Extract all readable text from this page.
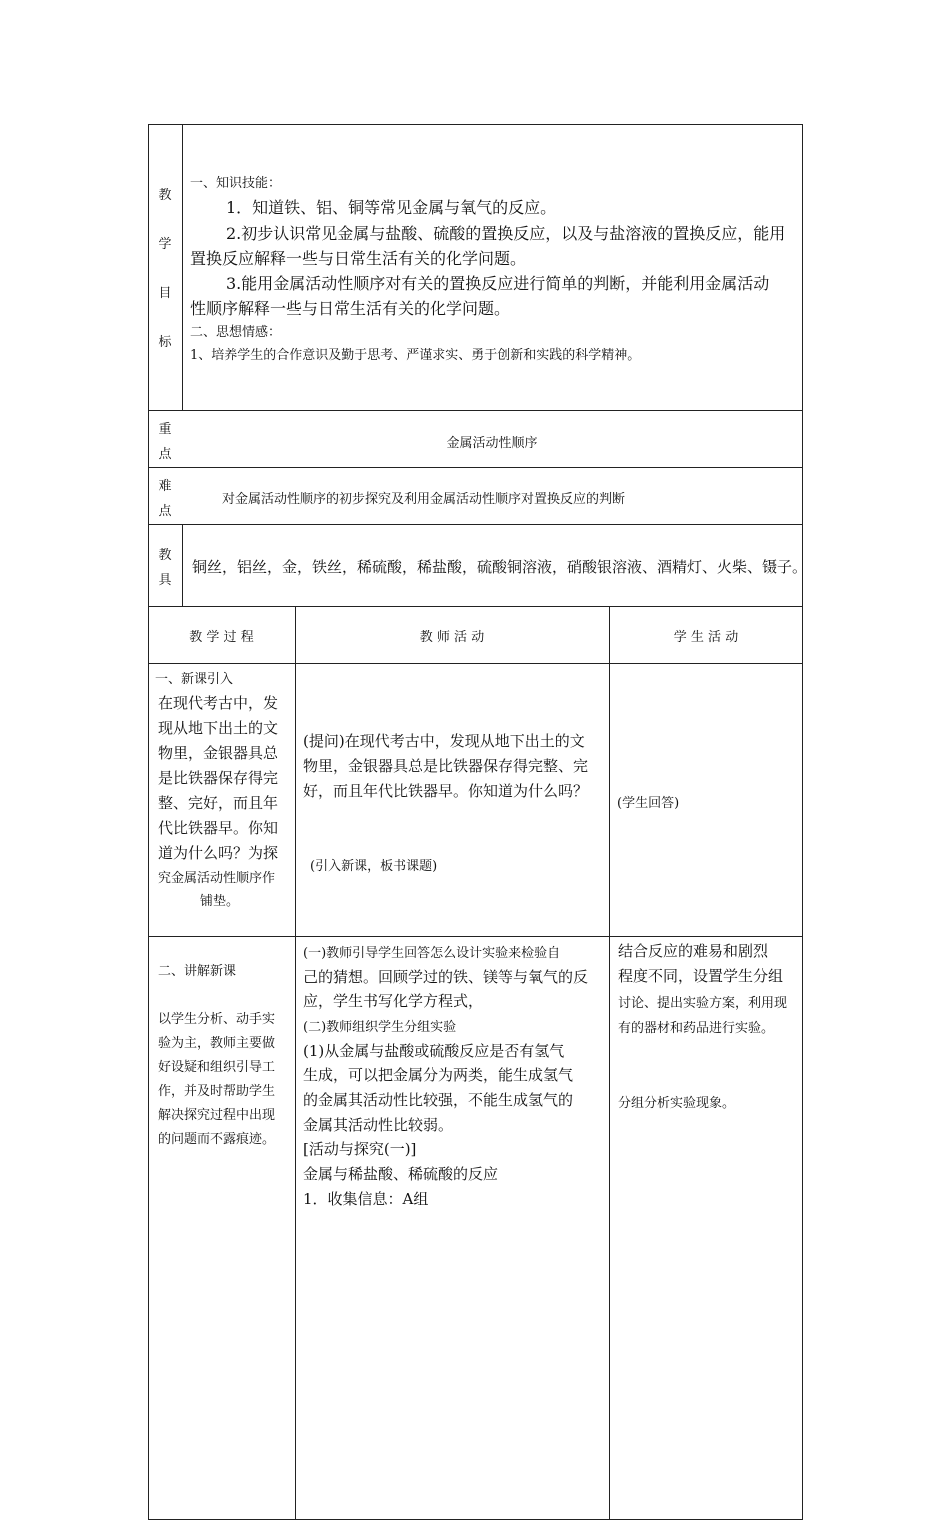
教
学
目
标
一、知识技能：
1．知道铁、铝、铜等常见金属与氧气的反应。
2.初步认识常见金属与盐酸、硫酸的置换反应，以及与盐溶液的置换反应，能用
置换反应解释一些与日常生活有关的化学问题。
3.能用金属活动性顺序对有关的置换反应进行简单的判断，并能利用金属活动
性顺序解释一些与日常生活有关的化学问题。
二、思想情感：
1、培养学生的合作意识及勤于思考、严谨求实、勇于创新和实践的科学精神。
重
点
金属活动性顺序
难
点
对金属活动性顺序的初步探究及利用金属活动性顺序对置换反应的判断
教
具
铜丝，铝丝，金，铁丝，稀硫酸，稀盐酸，硫酸铜溶液，硝酸银溶液、酒精灯、火柴、镊子。
教 学 过 程	教 师 活 动	学 生 活 动
一、新课引入
在现代考古中，发
现从地下出土的文
物里，金银器具总
是比铁器保存得完
整、完好，而且年
代比铁器早。你知
道为什么吗？为探
究金属活动性顺序作
铺垫。
(提问)在现代考古中，发现从地下出土的文
物里，金银器具总是比铁器保存得完整、完
好，而且年代比铁器早。你知道为什么吗？
(引入新课，板书课题)
(学生回答)
二、讲解新课
以学生分析、动手实
验为主，教师主要做
好设疑和组织引导工
作，并及时帮助学生
解决探究过程中出现
的问题而不露痕迹。
(一)教师引导学生回答怎么设计实验来检验自
己的猜想。回顾学过的铁、镁等与氧气的反
应，学生书写化学方程式，
(二)教师组织学生分组实验
(1)从金属与盐酸或硫酸反应是否有氢气
生成，可以把金属分为两类，能生成氢气
的金属其活动性比较强，不能生成氢气的
金属其活动性比较弱。
[活动与探究(一)]
金属与稀盐酸、稀硫酸的反应
1．收集信息：A组
结合反应的难易和剧烈
程度不同，设置学生分组
讨论、提出实验方案，利用现
有的器材和药品进行实验。
分组分析实验现象。
